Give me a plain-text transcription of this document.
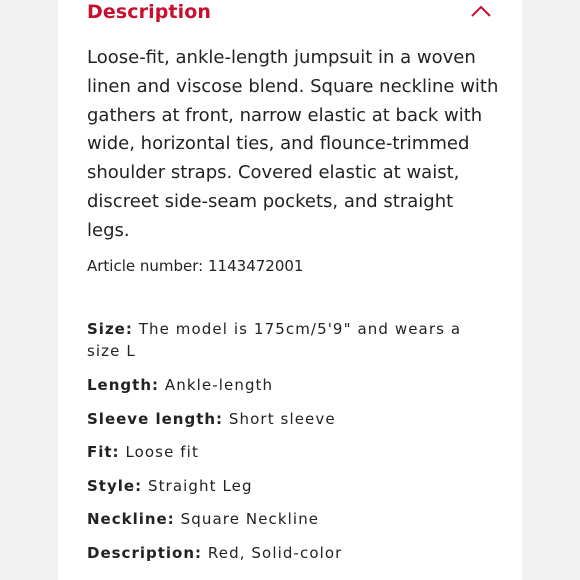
Description

Loose-fit, ankle-length jumpsuit in a woven linen and viscose blend. Square neckline with gathers at front, narrow elastic at back with wide, horizontal ties, and flounce-trimmed shoulder straps. Covered elastic at waist, discreet side-seam pockets, and straight legs.

Article number: 1143472001

Size: The model is 175cm/5'9" and wears a size L

Length: Ankle-length

Sleeve length: Short sleeve

Fit: Loose fit

Style: Straight Leg

Neckline: Square Neckline

Description: Red, Solid-color
